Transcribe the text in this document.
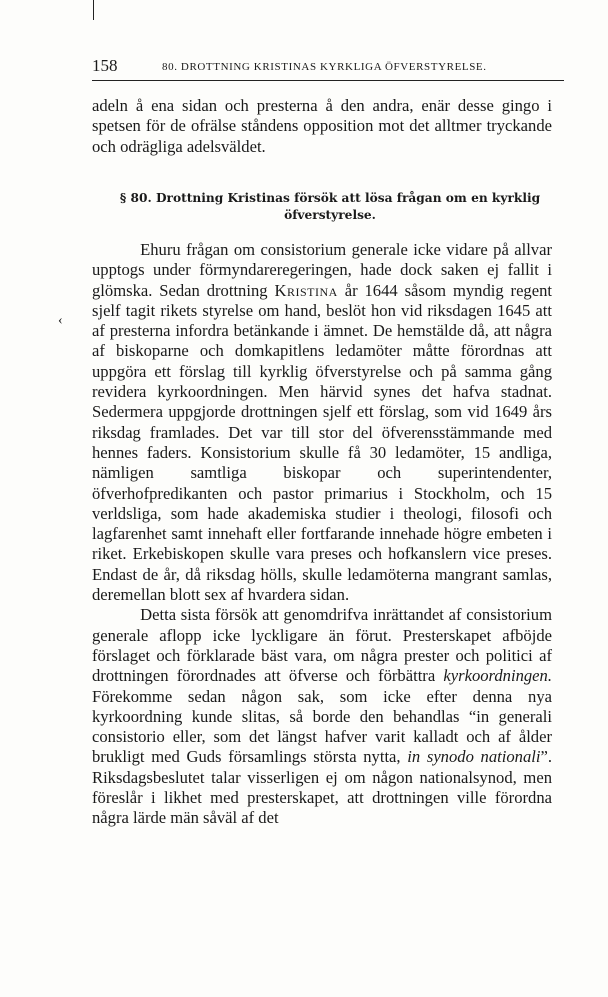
158	80. DROTTNING KRISTINAS KYRKLIGA ÖFVERSTYRELSE.

adeln å ena sidan och presterna å den andra, enär desse gingo i spetsen för de ofrälse ståndens opposition mot det alltmer tryckande och odrägliga adelsväldet.

§ 80. Drottning Kristinas försök att lösa frågan om en kyrklig öfverstyrelse.
‹

Ehuru frågan om consistorium generale icke vidare på allvar upptogs under förmyndareregeringen, hade dock saken ej fallit i glömska. Sedan drottning Kristina år 1644 såsom myndig regent sjelf tagit rikets styrelse om hand, beslöt hon vid riksdagen 1645 att af presterna infordra betänkande i ämnet. De hemstälde då, att några af biskoparne och domkapitlens ledamöter måtte förordnas att uppgöra ett förslag till kyrklig öfverstyrelse och på samma gång revidera kyrkoordningen. Men härvid synes det hafva stadnat. Sedermera uppgjorde drottningen sjelf ett förslag, som vid 1649 års riksdag framlades. Det var till stor del öfverensstämmande med hennes faders. Konsistorium skulle få 30 ledamöter, 15 andliga, nämligen samtliga biskopar och superintendenter, öfverhofpredikanten och pastor primarius i Stockholm, och 15 verldsliga, som hade akademiska studier i theologi, filosofi och lagfarenhet samt innehaft eller fortfarande innehade högre embeten i riket. Erkebiskopen skulle vara preses och hofkanslern vice preses. Endast de år, då riksdag hölls, skulle ledamöterna mangrant samlas, deremellan blott sex af hvardera sidan.

Detta sista försök att genomdrifva inrättandet af consistorium generale aflopp icke lyckligare än förut. Presterskapet afböjde förslaget och förklarade bäst vara, om några prester och politici af drottningen förordnades att öfverse och förbättra kyrkoordningen. Förekomme sedan någon sak, som icke efter denna nya kyrkoordning kunde slitas, så borde den behandlas “in generali consistorio eller, som det längst hafver varit kalladt och af ålder brukligt med Guds församlings största nytta, in synodo nationali”. Riksdagsbeslutet talar visserligen ej om någon nationalsynod, men föreslår i likhet med presterskapet, att drottningen ville förordna några lärde män såväl af det
